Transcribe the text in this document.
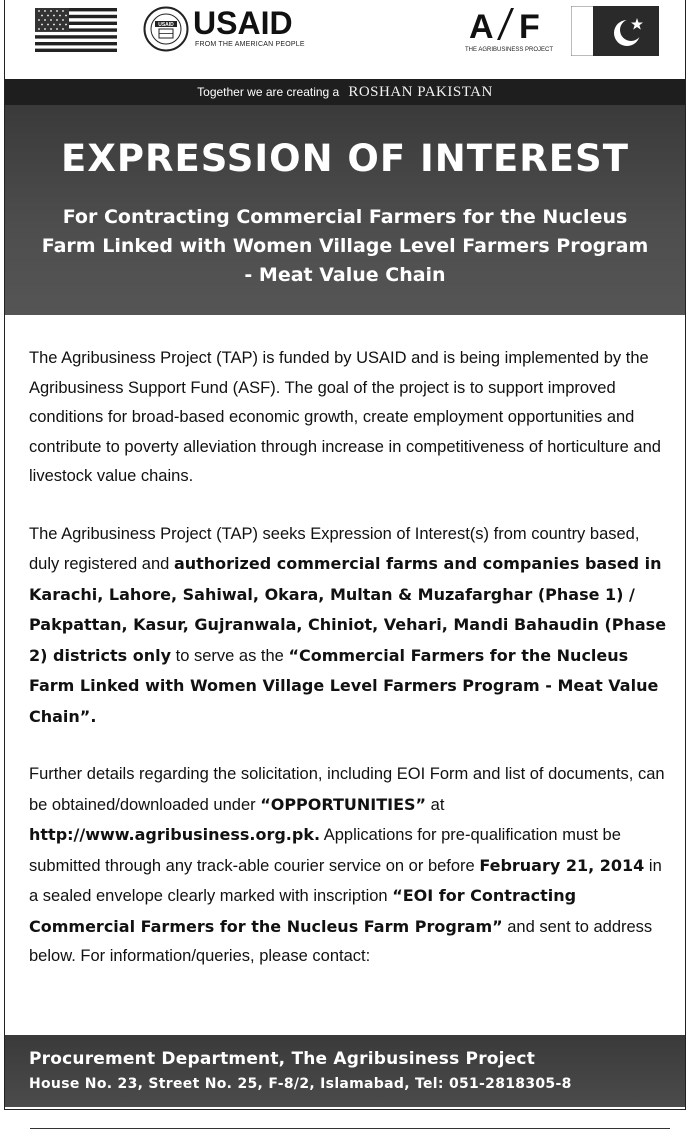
USAID USAID
FROM THE AMERICAN PEOPLE	A F
THE AGRIBUSINESS PROJECT
Together we are creating a ROSHAN PAKISTAN
EXPRESSION OF INTEREST
For Contracting Commercial Farmers for the Nucleus Farm Linked with Women Village Level Farmers Program - Meat Value Chain

The Agribusiness Project (TAP) is funded by USAID and is being implemented by the Agribusiness Support Fund (ASF). The goal of the project is to support improved conditions for broad-based economic growth, create employment opportunities and contribute to poverty alleviation through increase in competitiveness of horticulture and livestock value chains.

The Agribusiness Project (TAP) seeks Expression of Interest(s) from country based, duly registered and authorized commercial farms and companies based in Karachi, Lahore, Sahiwal, Okara, Multan & Muzafarghar (Phase 1) / Pakpattan, Kasur, Gujranwala, Chiniot, Vehari, Mandi Bahaudin (Phase 2) districts only to serve as the “Commercial Farmers for the Nucleus Farm Linked with Women Village Level Farmers Program - Meat Value Chain”.

Further details regarding the solicitation, including EOI Form and list of documents, can be obtained/downloaded under “OPPORTUNITIES” at http://www.agribusiness.org.pk. Applications for pre-qualification must be submitted through any track-able courier service on or before February 21, 2014 in a sealed envelope clearly marked with inscription “EOI for Contracting Commercial Farmers for the Nucleus Farm Program” and sent to address below. For information/queries, please contact:

Procurement Department, The Agribusiness Project
House No. 23, Street No. 25, F-8/2, Islamabad, Tel: 051-2818305-8
